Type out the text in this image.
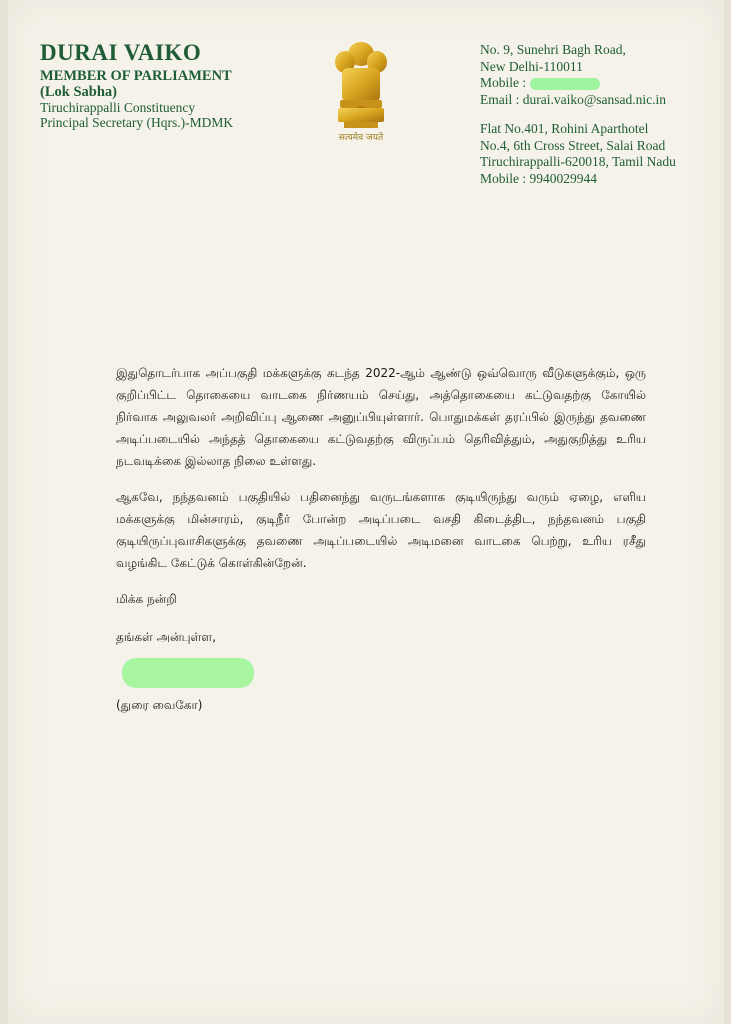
DURAI VAIKO
MEMBER OF PARLIAMENT
(Lok Sabha)
Tiruchirappalli Constituency
Principal Secretary (Hqrs.)-MDMK
सत्यमेव जयते
No. 9, Sunehri Bagh Road,
New Delhi-110011
Mobile :
Email : durai.vaiko@sansad.nic.in
Flat No.401, Rohini Aparthotel
No.4, 6th Cross Street, Salai Road
Tiruchirappalli-620018, Tamil Nadu
Mobile : 9940029944

இதுதொடர்பாக அப்பகுதி மக்களுக்கு கடந்த 2022-ஆம் ஆண்டு ஒவ்வொரு வீடுகளுக்கும், ஒரு குறிப்பிட்ட தொகையை வாடகை நிர்ணயம் செய்து, அத்தொகையை கட்டுவதற்கு கோயில் நிர்வாக அலுவலர் அறிவிப்பு ஆணை அனுப்பியுள்ளார். பொதுமக்கள் தரப்பில் இருந்து தவணை அடிப்படையில் அந்தத் தொகையை கட்டுவதற்கு விருப்பம் தெரிவித்தும், அதுகுறித்து உரிய நடவடிக்கை இல்லாத நிலை உள்ளது.

ஆகவே, நந்தவனம் பகுதியில் பதினைந்து வருடங்களாக குடியிருந்து வரும் ஏழை, எளிய மக்களுக்கு மின்சாரம், குடிநீர் போன்ற அடிப்படை வசதி கிடைத்திட, நந்தவனம் பகுதி குடியிருப்புவாசிகளுக்கு தவணை அடிப்படையில் அடிமனை வாடகை பெற்று, உரிய ரசீது வழங்கிட கேட்டுக் கொள்கின்றேன்.

மிக்க நன்றி
தங்கள் அன்புள்ள,
(துரை வைகோ)
